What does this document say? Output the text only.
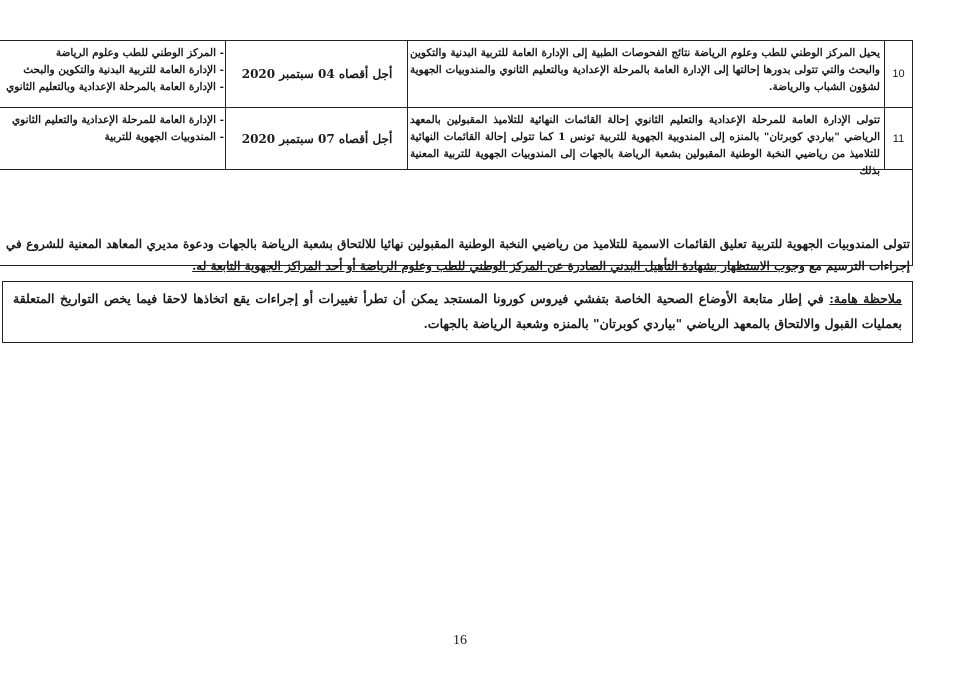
10
يحيل المركز الوطني للطب وعلوم الرياضة نتائج الفحوصات الطبية إلى الإدارة العامة للتربية البدنية والتكوين والبحث والتي تتولى بدورها إحالتها إلى الإدارة العامة بالمرحلة الإعدادية وبالتعليم الثانوي والمندوبيات الجهوية لشؤون الشباب والرياضة.
أجل أقصاه 04 سبتمبر 2020
- المركز الوطني للطب وعلوم الرياضة
- الإدارة العامة للتربية البدنية والتكوين والبحث
- الإدارة العامة بالمرحلة الإعدادية وبالتعليم الثانوي
11
تتولى الإدارة العامة للمرحلة الإعدادية والتعليم الثانوي إحالة القائمات النهائية للتلاميذ المقبولين بالمعهد الرياضي "بياردي كوبرتان" بالمنزه إلى المندوبية الجهوية للتربية تونس 1 كما تتولى إحالة القائمات النهائية للتلاميذ من رياضيي النخبة الوطنية المقبولين بشعبة الرياضة بالجهات إلى المندوبيات الجهوية للتربية المعنية بذلك
أجل أقصاه 07 سبتمبر 2020
- الإدارة العامة للمرحلة الإعدادية والتعليم الثانوي
- المندوبيات الجهوية للتربية
تتولى المندوبيات الجهوية للتربية تعليق القائمات الاسمية للتلاميذ من رياضيي النخبة الوطنية المقبولين نهائيا للالتحاق بشعبة الرياضة بالجهات ودعوة مديري المعاهد المعنية للشروع في إجراءات الترسيم مع وجوب الاستظهار بشهادة التأهيل البدني الصادرة عن المركز الوطني للطب وعلوم الرياضة أو أحد المراكز الجهوية التابعة له.
ملاحظة هامة: في إطار متابعة الأوضاع الصحية الخاصة بتفشي فيروس كورونا المستجد يمكن أن تطرأ تغييرات أو إجراءات يقع اتخاذها لاحقا فيما يخص التواريخ المتعلقة بعمليات القبول والالتحاق بالمعهد الرياضي "بياردي كوبرتان" بالمنزه وشعبة الرياضة بالجهات.
16
